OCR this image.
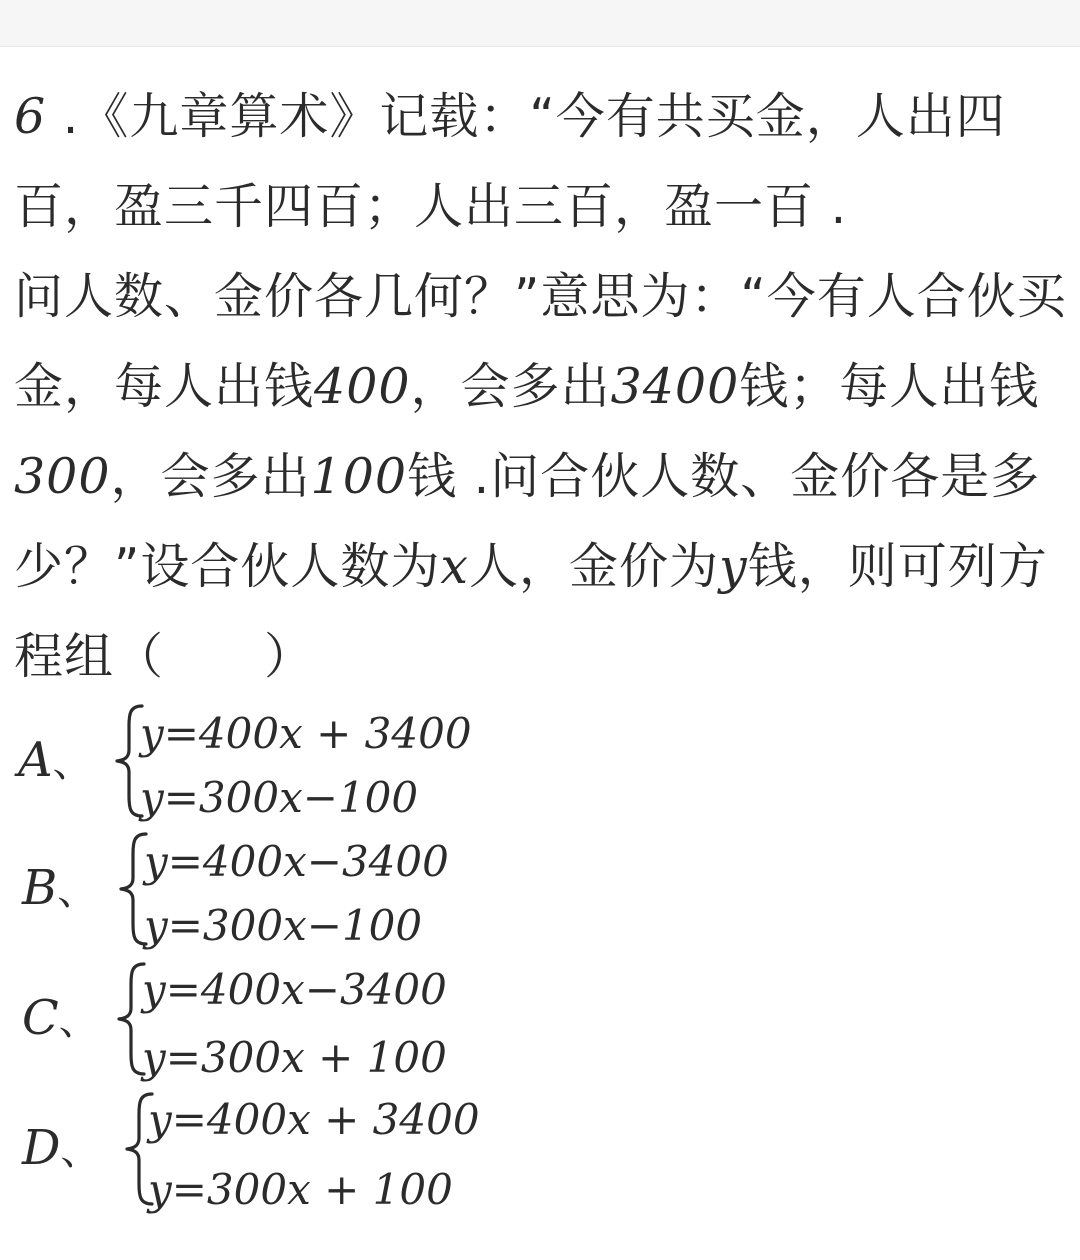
6 .《九章算术》记载：“今有共买金，人出四百，盈三千四百；人出三百，盈一百 .
问人数、金价各几何？”意思为：“今有人合伙买金，每人出钱400，会多出3400钱；每人出钱300，会多出100钱 .问合伙人数、金价各是多少？”设合伙人数为x人，金价为y钱，则可列方程组（　　）
A、
y=400x + 3400
y=300x−100
B、
y=400x−3400
y=300x−100
C、
y=400x−3400
y=300x + 100
D、
y=400x + 3400
y=300x + 100
